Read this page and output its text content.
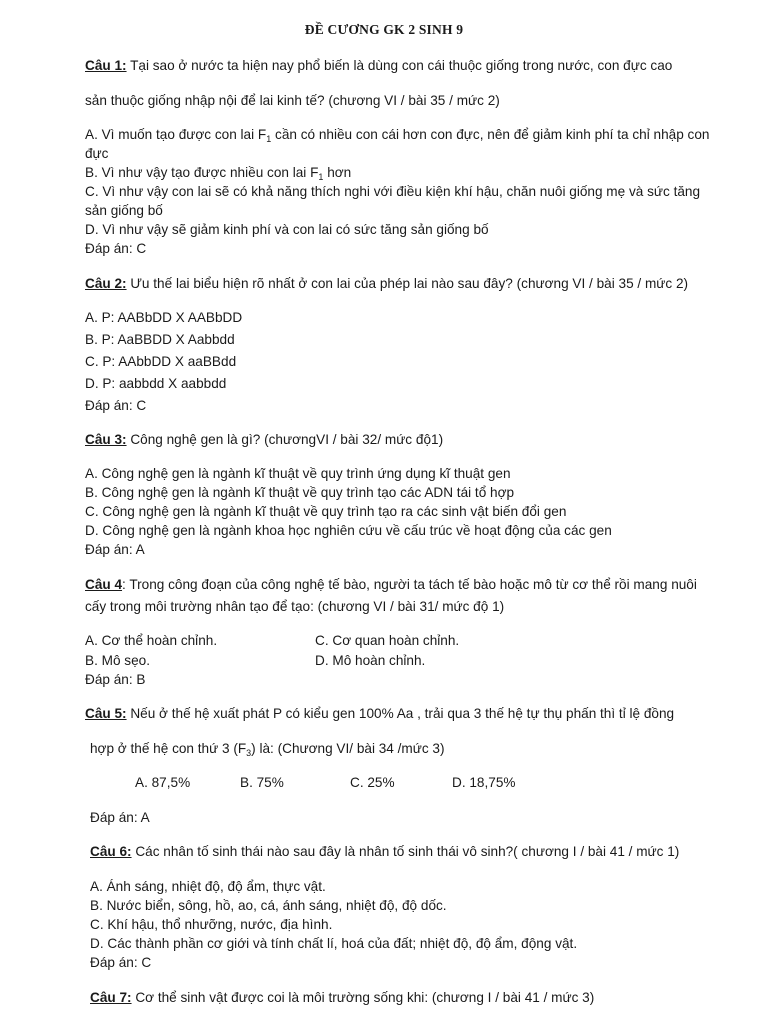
ĐỀ CƯƠNG GK 2 SINH 9
Câu 1: Tại sao ở nước ta hiện nay phổ biến là dùng con cái thuộc giống trong nước, con đực cao
sản thuộc giống nhập nội để lai kinh tế? (chương VI / bài 35 / mức 2)
A. Vì muốn tạo được con lai $F_1$ cần có nhiều con cái hơn con đực, nên để giảm kinh phí ta chỉ nhập con
đực
B. Vì như vậy tạo được nhiều con lai $F_1$ hơn
C. Vì như vậy con lai sẽ có khả năng thích nghi với điều kiện khí hậu, chăn nuôi giống mẹ và sức tăng
sản giống bố
D. Vì như vậy sẽ giảm kinh phí và con lai có sức tăng sản giống bố
Đáp án: C
Câu 2: Ưu thế lai biểu hiện rõ nhất ở con lai của phép lai nào sau đây? (chương VI / bài 35 / mức 2)
A. P: AABbDD X AABbDD
B. P: AaBBDD X Aabbdd
C. P: AAbbDD X aaBBdd
D. P: aabbdd X aabbdd
Đáp án: C
Câu 3: Công nghệ gen là gì? (chươngVI / bài 32/ mức độ1)
A. Công nghệ gen là ngành kĩ thuật về quy trình ứng dụng kĩ thuật gen
B. Công nghệ gen là ngành kĩ thuật về quy trình tạo các ADN tái tổ hợp
C. Công nghệ gen là ngành kĩ thuật về quy trình tạo ra các sinh vật biến đổi gen
D. Công nghệ gen là ngành khoa học nghiên cứu về cấu trúc về hoạt động của các gen
Đáp án: A
Câu 4: Trong công đoạn của công nghệ tế bào, người ta tách tế bào hoặc mô từ cơ thể rồi mang nuôi
cấy trong môi trường nhân tạo để tạo: (chương VI / bài 31/ mức độ 1)
A. Cơ thể hoàn chỉnh.	C. Cơ quan hoàn chỉnh.
B. Mô sẹo.	D. Mô hoàn chỉnh.
Đáp án: B
Câu 5: Nếu ở thế hệ xuất phát P có kiểu gen 100% Aa , trải qua 3 thế hệ tự thụ phấn thì tỉ lệ đồng
hợp ở thế hệ con thứ 3 $(F_3)$ là: (Chương VI/ bài 34 /mức 3)
A. 87,5%	B. 75%	C. 25%	D. 18,75%
Đáp án: A
Câu 6: Các nhân tố sinh thái nào sau đây là nhân tố sinh thái vô sinh?( chương I / bài 41 / mức 1)
A. Ánh sáng, nhiệt độ, độ ẩm, thực vật.
B. Nước biển, sông, hồ, ao, cá, ánh sáng, nhiệt độ, độ dốc.
C. Khí hậu, thổ nhưỡng, nước, địa hình.
D. Các thành phần cơ giới và tính chất lí, hoá của đất; nhiệt độ, độ ẩm, động vật.
Đáp án: C
Câu 7: Cơ thể sinh vật được coi là môi trường sống khi: (chương I / bài 41 / mức 3)
